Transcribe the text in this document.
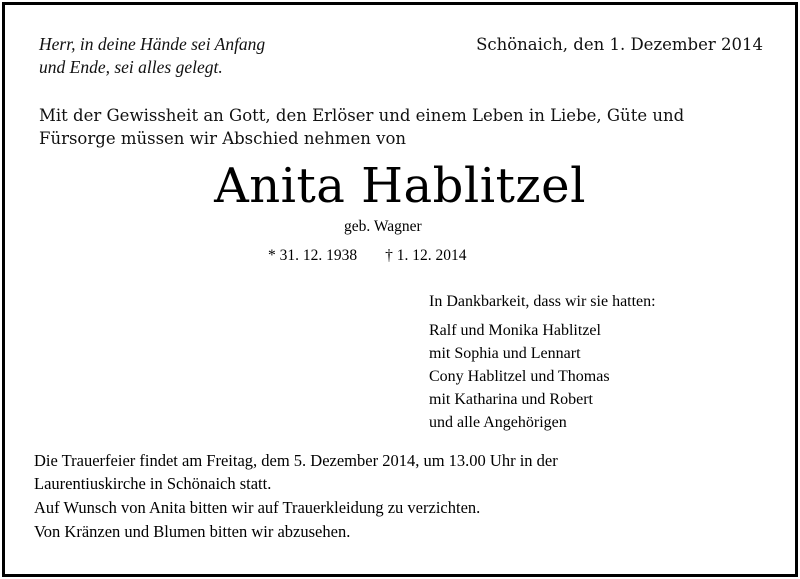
Herr, in deine Hände sei Anfang
und Ende, sei alles gelegt.
Schönaich, den 1. Dezember 2014
Mit der Gewissheit an Gott, den Erlöser und einem Leben in Liebe, Güte und
Fürsorge müssen wir Abschied nehmen von
Anita Hablitzel
geb. Wagner
* 31. 12. 1938 † 1. 12. 2014
In Dankbarkeit, dass wir sie hatten:
Ralf und Monika Hablitzel
mit Sophia und Lennart
Cony Hablitzel und Thomas
mit Katharina und Robert
und alle Angehörigen
Die Trauerfeier findet am Freitag, dem 5. Dezember 2014, um 13.00 Uhr in der
Laurentiuskirche in Schönaich statt.
Auf Wunsch von Anita bitten wir auf Trauerkleidung zu verzichten.
Von Kränzen und Blumen bitten wir abzusehen.
